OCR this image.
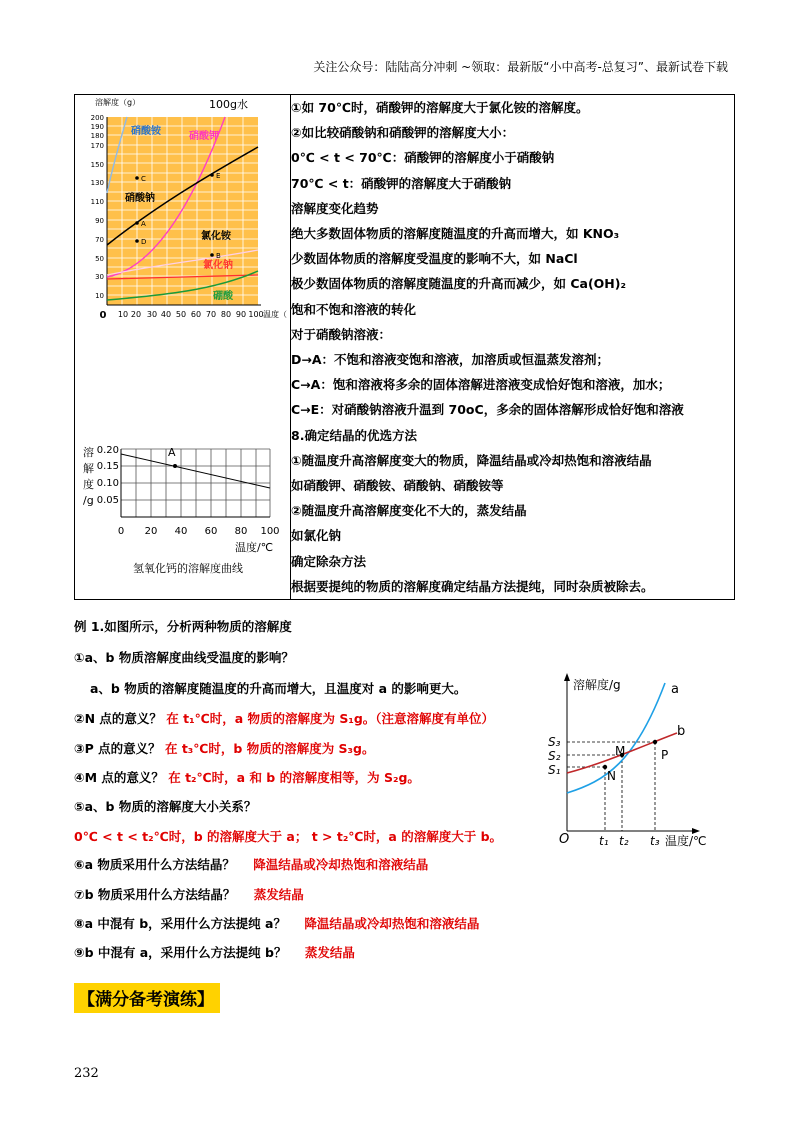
关注公众号：陆陆高分冲刺 ~领取：最新版“小中高考-总复习”、最新试卷下载
溶解度（g）	100g水
200
190
180
170
150
130
110
90
70
50
30
10
0 10 20 30 40 50 60 70 80 90 100 温度（
硝酸铵	硝酸钾
硝酸钠
氯化铵
氯化钠
硼酸
C
A
D
E
B

溶
解
度
/g
0.20
0.15
0.10
0.05
A
0 20 40 60 80 100
温度/℃
氢氧化钙的溶解度曲线

①如 70℃时，硝酸钾的溶解度大于氯化铵的溶解度。
②如比较硝酸钠和硝酸钾的溶解度大小：
0℃ < t < 70℃：硝酸钾的溶解度小于硝酸钠
70℃ < t：硝酸钾的溶解度大于硝酸钠
溶解度变化趋势
绝大多数固体物质的溶解度随温度的升高而增大，如 KNO₃
少数固体物质的溶解度受温度的影响不大，如 NaCl
极少数固体物质的溶解度随温度的升高而减少，如 Ca(OH)₂
饱和不饱和溶液的转化
对于硝酸钠溶液：
D→A：不饱和溶液变饱和溶液，加溶质或恒温蒸发溶剂；
C→A：饱和溶液将多余的固体溶解进溶液变成恰好饱和溶液，加水；
C→E：对硝酸钠溶液升温到 70oC，多余的固体溶解形成恰好饱和溶液
8.确定结晶的优选方法
①随温度升高溶解度变大的物质，降温结晶或冷却热饱和溶液结晶
如硝酸钾、硝酸铵、硝酸钠、硝酸铵等
②随温度升高溶解度变化不大的，蒸发结晶
如氯化钠
确定除杂方法
根据要提纯的物质的溶解度确定结晶方法提纯，同时杂质被除去。
例 1.如图所示，分析两种物质的溶解度
①a、b 物质溶解度曲线受温度的影响？
a、b 物质的溶解度随温度的升高而增大，且温度对 a 的影响更大。
②N 点的意义？ 在 t₁℃时，a 物质的溶解度为 S₁g。（注意溶解度有单位）
③P 点的意义？ 在 t₃℃时，b 物质的溶解度为 S₃g。
④M 点的意义？ 在 t₂℃时，a 和 b 的溶解度相等，为 S₂g。
⑤a、b 物质的溶解度大小关系？
0℃ < t < t₂℃时，b 的溶解度大于 a； t > t₂℃时，a 的溶解度大于 b。
⑥a 物质采用什么方法结晶？ 降温结晶或冷却热饱和溶液结晶
⑦b 物质采用什么方法结晶？ 蒸发结晶
⑧a 中混有 b，采用什么方法提纯 a？ 降温结晶或冷却热饱和溶液结晶
⑨b 中混有 a，采用什么方法提纯 b？ 蒸发结晶
溶解度/g
温度/℃
O
a
b
M
N
P
S₃
S₂
S₁
t₁ t₂ t₃
【满分备考演练】
232
